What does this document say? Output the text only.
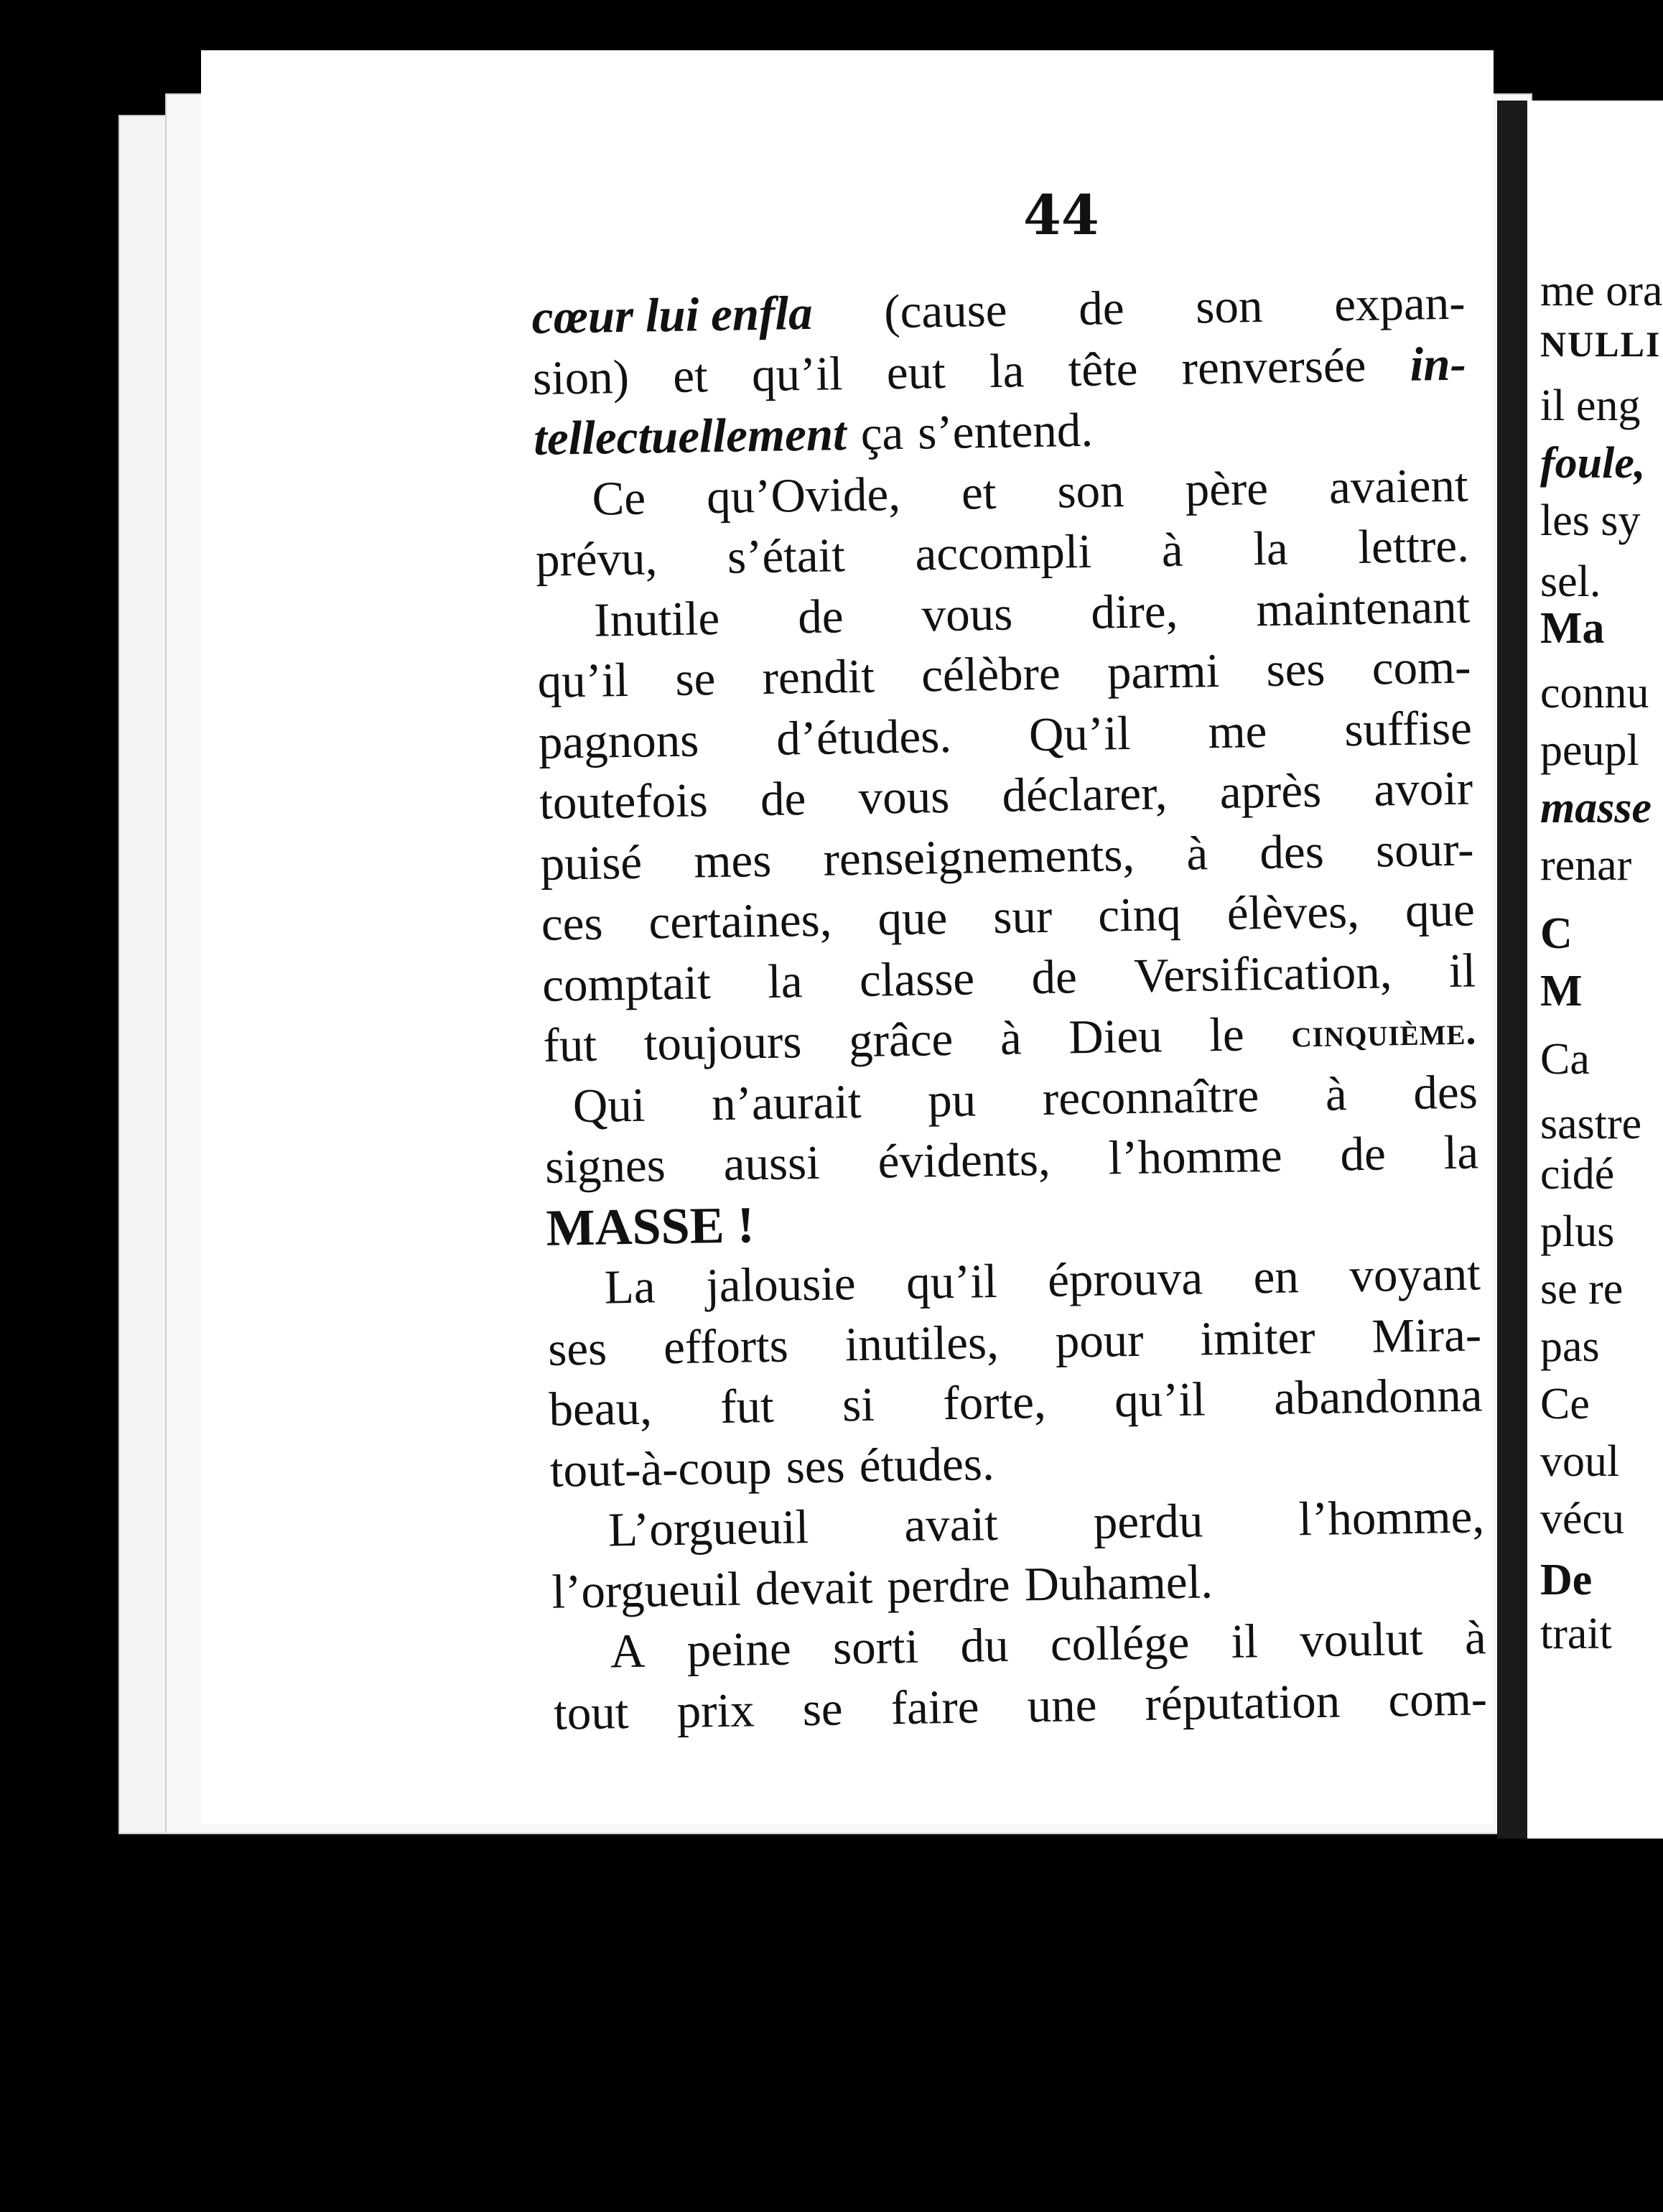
44
cœur lui enfla (cause de son expan-
sion) et qu’il eut la tête renversée in-
tellectuellement ça s’entend.
Ce qu’Ovide, et son père avaient
prévu, s’était accompli à la lettre.
Inutile de vous dire, maintenant
qu’il se rendit célèbre parmi ses com-
pagnons d’études. Qu’il me suffise
toutefois de vous déclarer, après avoir
puisé mes renseignements, à des sour-
ces certaines, que sur cinq élèves, que
comptait la classe de Versification, il
fut toujours grâce à Dieu le cinquième.
Qui n’aurait pu reconnaître à des
signes aussi évidents, l’homme de la
MASSE !
La jalousie qu’il éprouva en voyant
ses efforts inutiles, pour imiter Mira-
beau, fut si forte, qu’il abandonna
tout-à-coup ses études.
L’orgueuil avait perdu l’homme,
l’orgueuil devait perdre Duhamel.
A peine sorti du collége il voulut à
tout prix se faire une réputation com-
me ora
NULLI
il eng
foule,
les sy
sel.
Ma
connu
peupl
masse
renar
C
M
Ca
sastre
cidé
plus
se re
pas
Ce
voul
vécu
De
trait
